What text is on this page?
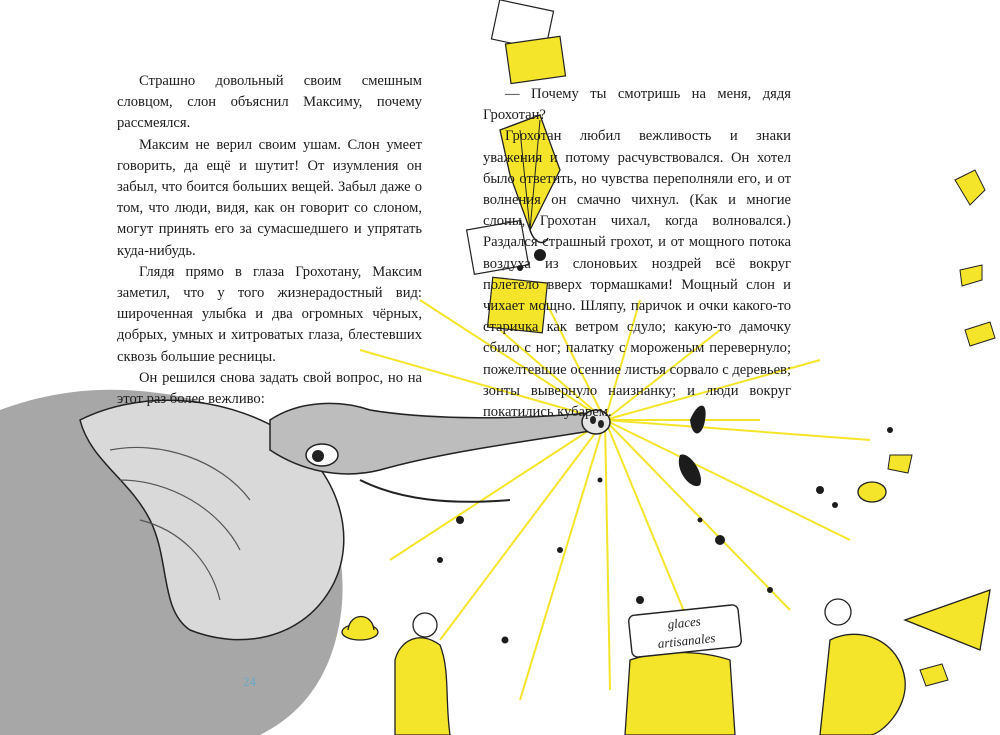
glaces
artisanales

Страшно довольный своим смешным словцом, слон объяснил Максиму, почему рассмеялся.

Максим не верил своим ушам. Слон умеет говорить, да ещё и шутит! От изумления он забыл, что боится больших вещей. Забыл даже о том, что люди, видя, как он говорит со слоном, могут принять его за сумасшедшего и упрятать куда-нибудь.

Глядя прямо в глаза Грохотану, Максим заметил, что у того жизнерадостный вид: широченная улыбка и два огромных чёрных, добрых, умных и хитроватых глаза, блестевших сквозь большие ресницы.

Он решился снова задать свой вопрос, но на этот раз более вежливо:

— Почему ты смотришь на меня, дядя Грохотан?

Грохотан любил вежливость и знаки уважения и потому расчувствовался. Он хотел было ответить, но чувства переполняли его, и от волнения он смачно чихнул. (Как и многие слоны, Грохотан чихал, когда волновался.) Раздался страшный грохот, и от мощного потока воздуха из слоновьих ноздрей всё вокруг полетело вверх тормашками! Мощный слон и чихает мощно. Шляпу, паричок и очки какого-то старичка как ветром сдуло; какую-то дамочку сбило с ног; палатку с мороженым перевернуло; пожелтевшие осенние листья сорвало с деревьев; зонты вывернуло наизнанку; и люди вокруг покатились кубарем.

24
